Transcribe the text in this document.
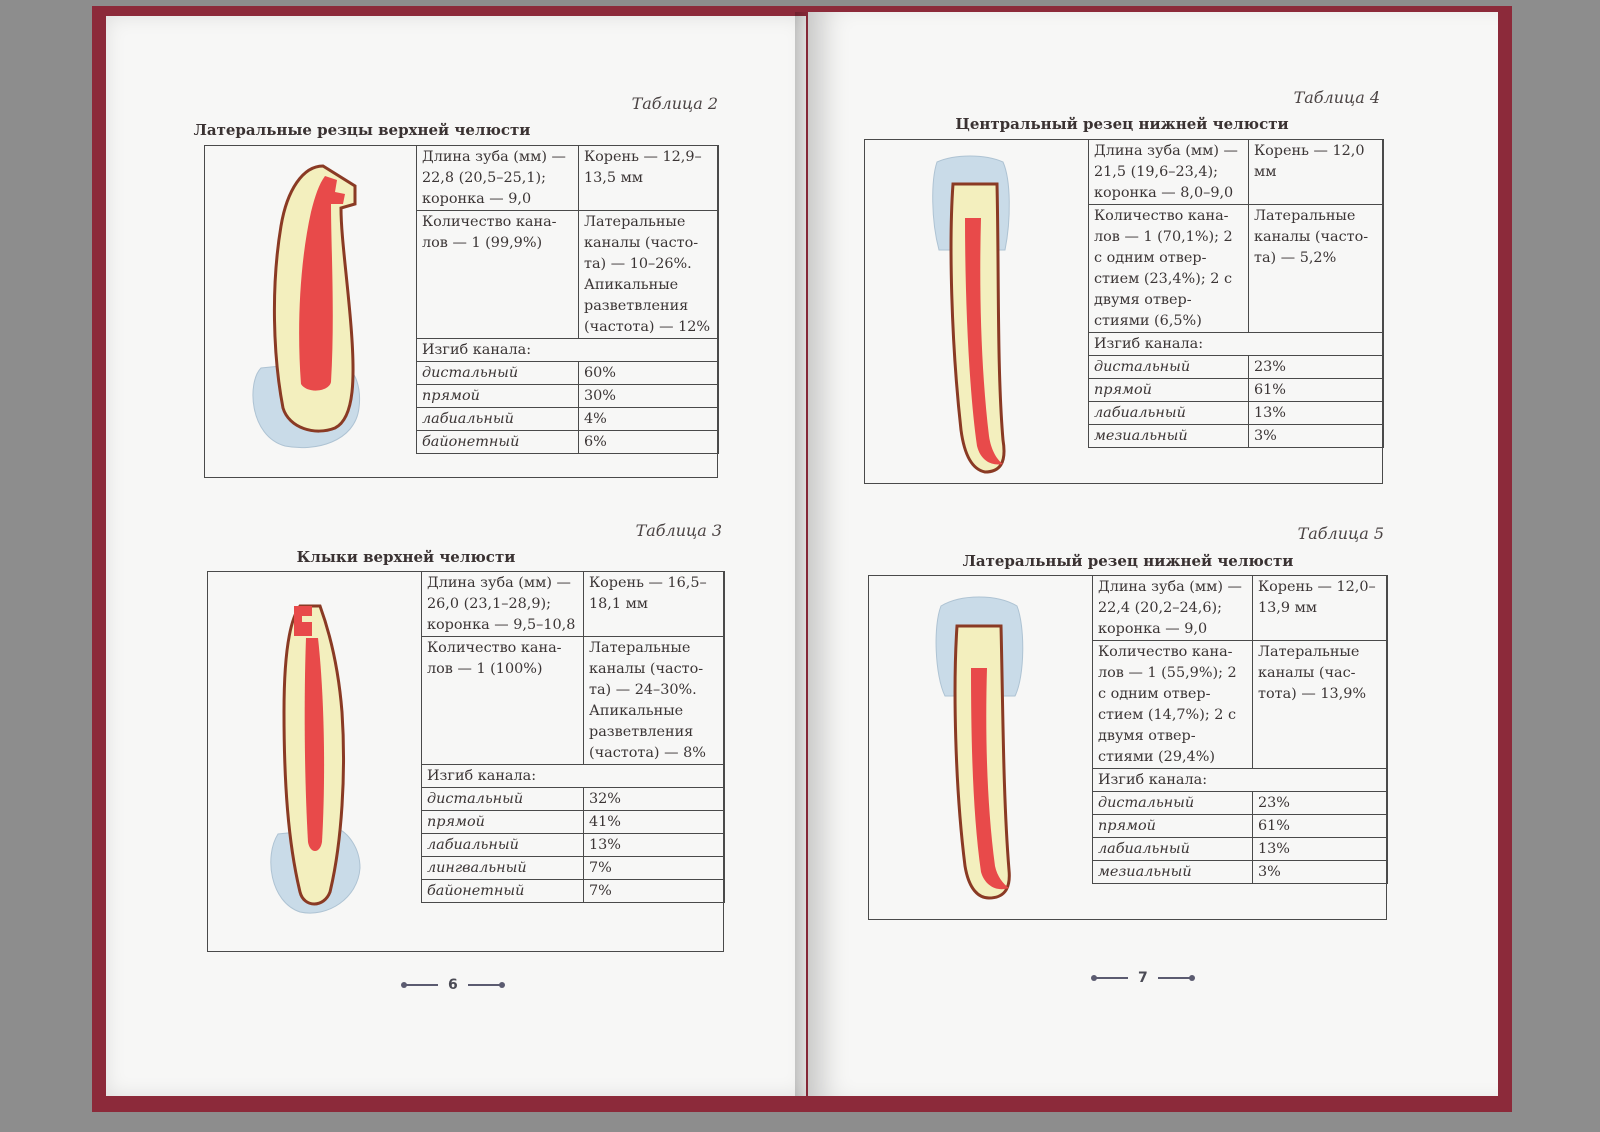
Таблица 2
Латеральные резцы верхней челюсти
Длина зуба (мм) — 22,8 (20,5–25,1); коронка — 9,0	Корень — 12,9–13,5 мм
Количество кана-лов — 1 (99,9%)	Латеральные каналы (часто-та) — 10–26%. Апикальные разветвления (частота) — 12%
Изгиб канала:	
дистальный	60%
прямой	30%
лабиальный	4%
байонетный	6%
Таблица 3
Клыки верхней челюсти
Длина зуба (мм) — 26,0 (23,1–28,9); коронка — 9,5–10,8	Корень — 16,5–18,1 мм
Количество кана-лов — 1 (100%)	Латеральные каналы (часто-та) — 24–30%. Апикальные разветвления (частота) — 8%
Изгиб канала:	
дистальный	32%
прямой	41%
лабиальный	13%
лингвальный	7%
байонетный	7%
6
Таблица 4
Центральный резец нижней челюсти
Длина зуба (мм) — 21,5 (19,6–23,4); коронка — 8,0–9,0	Корень — 12,0 мм
Количество кана-лов — 1 (70,1%); 2 с одним отвер-стием (23,4%); 2 с двумя отвер-стиями (6,5%)	Латеральные каналы (часто-та) — 5,2%
Изгиб канала:	
дистальный	23%
прямой	61%
лабиальный	13%
мезиальный	3%
Таблица 5
Латеральный резец нижней челюсти
Длина зуба (мм) — 22,4 (20,2–24,6); коронка — 9,0	Корень — 12,0–13,9 мм
Количество кана-лов — 1 (55,9%); 2 с одним отвер-стием (14,7%); 2 с двумя отвер-стиями (29,4%)	Латеральные каналы (час-тота) — 13,9%
Изгиб канала:	
дистальный	23%
прямой	61%
лабиальный	13%
мезиальный	3%
7
